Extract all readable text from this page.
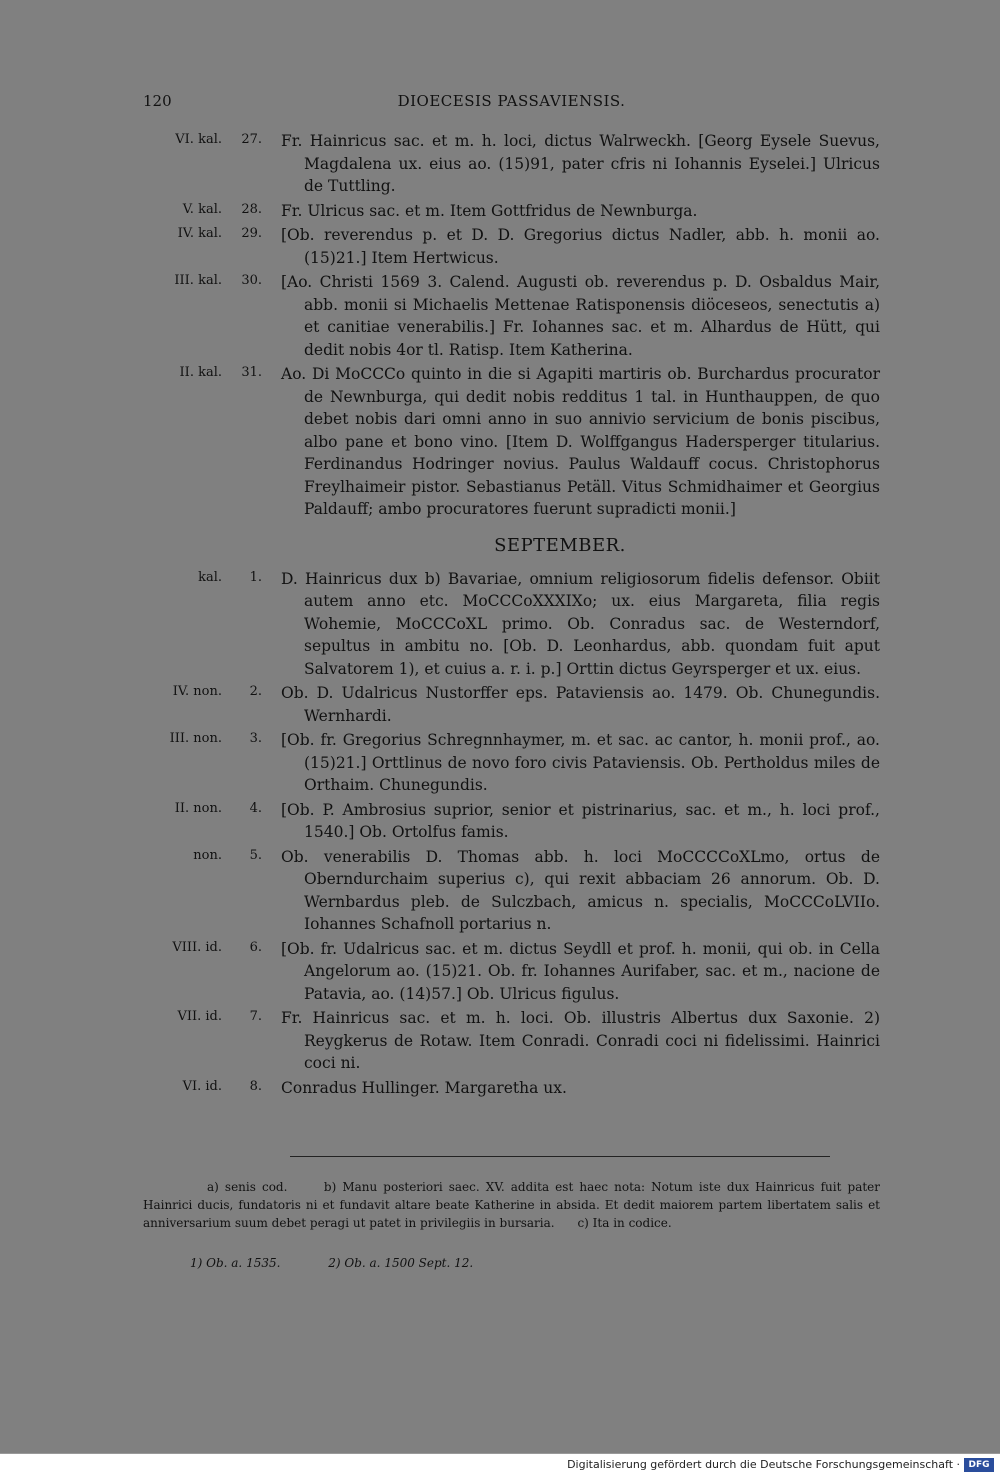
120	DIOECESIS PASSAVIENSIS.
VI. kal.	27. Fr. Hainricus sac. et m. h. loci, dictus Walrweckh. [Georg Eysele Suevus, Magdalena ux. eius ao. (15)91, pater cfris ni Iohannis Eyselei.] Ulricus de Tuttling.
V. kal.	28. Fr. Ulricus sac. et m. Item Gottfridus de Newnburga.
IV. kal.	29. [Ob. reverendus p. et D. D. Gregorius dictus Nadler, abb. h. monii ao. (15)21.] Item Hertwicus.
III. kal.	30. [Ao. Christi 1569 3. Calend. Augusti ob. reverendus p. D. Osbaldus Mair, abb. monii si Michaelis Mettenae Ratisponensis diöceseos, senectutis a) et canitiae venerabilis.] Fr. Iohannes sac. et m. Alhardus de Hütt, qui dedit nobis 4or tl. Ratisp. Item Katherina.
II. kal.	31. Ao. Di MoCCCo quinto in die si Agapiti martiris ob. Burchardus procurator de Newnburga, qui dedit nobis redditus 1 tal. in Hunthauppen, de quo debet nobis dari omni anno in suo annivio servicium de bonis piscibus, albo pane et bono vino. [Item D. Wolffgangus Hadersperger titularius. Ferdinandus Hodringer novius. Paulus Waldauff cocus. Christophorus Freylhaimeir pistor. Sebastianus Petäll. Vitus Schmidhaimer et Georgius Paldauff; ambo procuratores fuerunt supradicti monii.]
SEPTEMBER.
kal.	1. D. Hainricus dux b) Bavariae, omnium religiosorum fidelis defensor. Obiit autem anno etc. MoCCCoXXXIXo; ux. eius Margareta, filia regis Wohemie, MoCCCoXL primo. Ob. Conradus sac. de Westerndorf, sepultus in ambitu no. [Ob. D. Leonhardus, abb. quondam fuit aput Salvatorem 1), et cuius a. r. i. p.] Orttin dictus Geyrsperger et ux. eius.
IV. non.	2. Ob. D. Udalricus Nustorffer eps. Pataviensis ao. 1479. Ob. Chunegundis. Wernhardi.
III. non.	3. [Ob. fr. Gregorius Schregnnhaymer, m. et sac. ac cantor, h. monii prof., ao. (15)21.] Orttlinus de novo foro civis Pataviensis. Ob. Pertholdus miles de Orthaim. Chunegundis.
II. non.	4. [Ob. P. Ambrosius suprior, senior et pistrinarius, sac. et m., h. loci prof., 1540.] Ob. Ortolfus famis.
non.	5. Ob. venerabilis D. Thomas abb. h. loci MoCCCCoXLmo, ortus de Oberndurchaim superius c), qui rexit abbaciam 26 annorum. Ob. D. Wernbardus pleb. de Sulczbach, amicus n. specialis, MoCCCoLVIIo. Iohannes Schafnoll portarius n.
VIII. id.	6. [Ob. fr. Udalricus sac. et m. dictus Seydll et prof. h. monii, qui ob. in Cella Angelorum ao. (15)21. Ob. fr. Iohannes Aurifaber, sac. et m., nacione de Patavia, ao. (14)57.] Ob. Ulricus figulus.
VII. id.	7. Fr. Hainricus sac. et m. h. loci. Ob. illustris Albertus dux Saxonie. 2) Reygkerus de Rotaw. Item Conradi. Conradi coci ni fidelissimi. Hainrici coci ni.
VI. id.	8. Conradus Hullinger. Margaretha ux.
a) senis cod.	b) Manu posteriori saec. XV. addita est haec nota: Notum iste dux Hainricus fuit pater Hainrici ducis, fundatoris ni et fundavit altare beate Katherine in absida. Et dedit maiorem partem libertatem salis et anniversarium suum debet peragi ut patet in privilegiis in bursaria. c) Ita in codice.
1) Ob. a. 1535.	2) Ob. a. 1500 Sept. 12.
Digitalisierung gefördert durch die Deutsche Forschungsgemeinschaft · DFG
